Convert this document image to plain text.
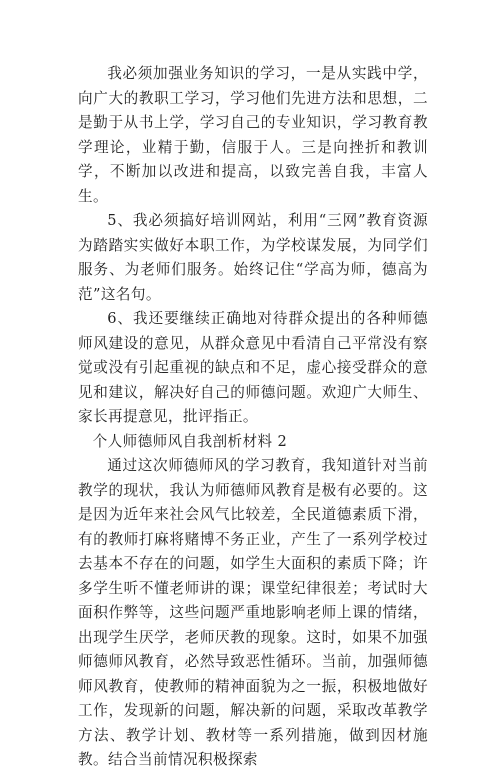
我必须加强业务知识的学习，一是从实践中学，向广大的教职工学习，学习他们先进方法和思想，二是勤于从书上学，学习自己的专业知识，学习教育教学理论，业精于勤，信服于人。三是向挫折和教训学，不断加以改进和提高，以致完善自我，丰富人生。

5、我必须搞好培训网站，利用“三网”教育资源为踏踏实实做好本职工作，为学校谋发展，为同学们服务、为老师们服务。始终记住“学高为师，德高为范”这名句。

6、我还要继续正确地对待群众提出的各种师德师风建设的意见，从群众意见中看清自己平常没有察觉或没有引起重视的缺点和不足，虚心接受群众的意见和建议，解决好自己的师德问题。欢迎广大师生、家长再提意见，批评指正。

个人师德师风自我剖析材料 2

通过这次师德师风的学习教育，我知道针对当前教学的现状，我认为师德师风教育是极有必要的。这是因为近年来社会风气比较差，全民道德素质下滑，有的教师打麻将赌博不务正业，产生了一系列学校过去基本不存在的问题，如学生大面积的素质下降；许多学生听不懂老师讲的课；课堂纪律很差；考试时大面积作弊等，这些问题严重地影响老师上课的情绪，出现学生厌学，老师厌教的现象。这时，如果不加强师德师风教育，必然导致恶性循环。当前，加强师德师风教育，使教师的精神面貌为之一振，积极地做好工作，发现新的问题，解决新的问题，采取改革教学方法、教学计划、教材等一系列措施，做到因材施教。结合当前情况积极探索
